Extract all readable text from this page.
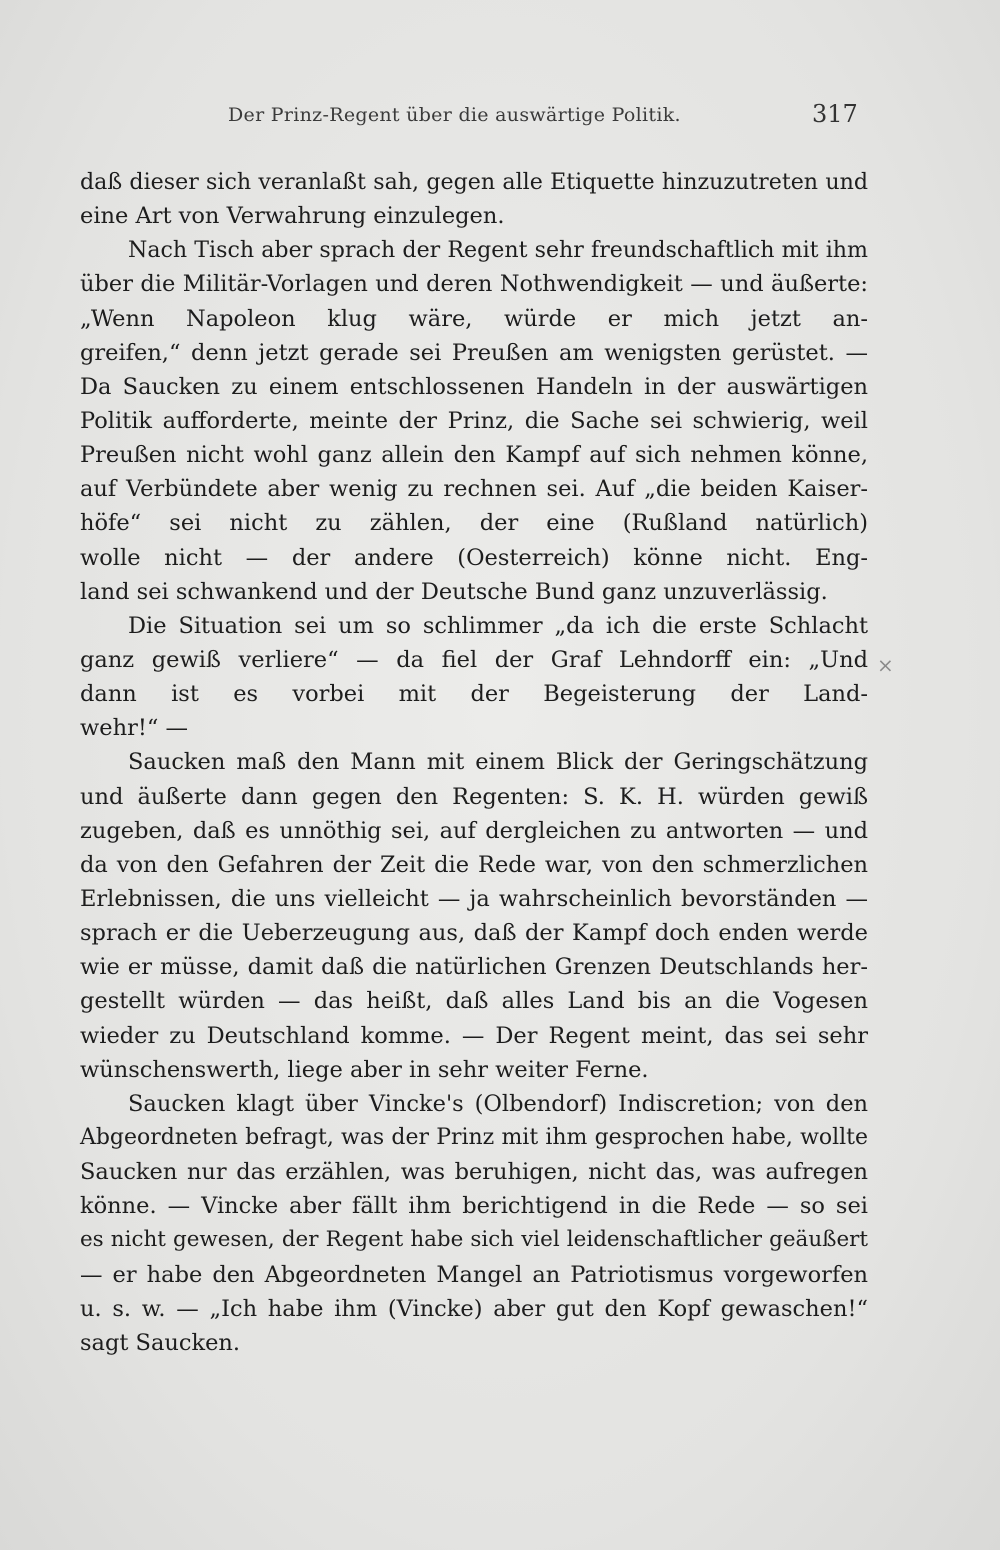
Der Prinz-Regent über die auswärtige Politik.	317
×
daß dieser sich veranlaßt sah, gegen alle Etiquette hinzuzutreten und
eine Art von Verwahrung einzulegen.
Nach Tisch aber sprach der Regent sehr freundschaftlich mit ihm
über die Militär-Vorlagen und deren Nothwendigkeit — und äußerte:
„Wenn Napoleon klug wäre, würde er mich jetzt an-
greifen,“ denn jetzt gerade sei Preußen am wenigsten gerüstet. —
Da Saucken zu einem entschlossenen Handeln in der auswärtigen
Politik aufforderte, meinte der Prinz, die Sache sei schwierig, weil
Preußen nicht wohl ganz allein den Kampf auf sich nehmen könne,
auf Verbündete aber wenig zu rechnen sei. Auf „die beiden Kaiser-
höfe“ sei nicht zu zählen, der eine (Rußland natürlich)
wolle nicht — der andere (Oesterreich) könne nicht. Eng-
land sei schwankend und der Deutsche Bund ganz unzuverlässig.
Die Situation sei um so schlimmer „da ich die erste Schlacht
ganz gewiß verliere“ — da fiel der Graf Lehndorff ein: „Und
dann ist es vorbei mit der Begeisterung der Land-
wehr!“ —
Saucken maß den Mann mit einem Blick der Geringschätzung
und äußerte dann gegen den Regenten: S. K. H. würden gewiß
zugeben, daß es unnöthig sei, auf dergleichen zu antworten — und
da von den Gefahren der Zeit die Rede war, von den schmerzlichen
Erlebnissen, die uns vielleicht — ja wahrscheinlich bevorständen —
sprach er die Ueberzeugung aus, daß der Kampf doch enden werde
wie er müsse, damit daß die natürlichen Grenzen Deutschlands her-
gestellt würden — das heißt, daß alles Land bis an die Vogesen
wieder zu Deutschland komme. — Der Regent meint, das sei sehr
wünschenswerth, liege aber in sehr weiter Ferne.
Saucken klagt über Vincke's (Olbendorf) Indiscretion; von den
Abgeordneten befragt, was der Prinz mit ihm gesprochen habe, wollte
Saucken nur das erzählen, was beruhigen, nicht das, was aufregen
könne. — Vincke aber fällt ihm berichtigend in die Rede — so sei
es nicht gewesen, der Regent habe sich viel leidenschaftlicher geäußert
— er habe den Abgeordneten Mangel an Patriotismus vorgeworfen
u. s. w. — „Ich habe ihm (Vincke) aber gut den Kopf gewaschen!“
sagt Saucken.
